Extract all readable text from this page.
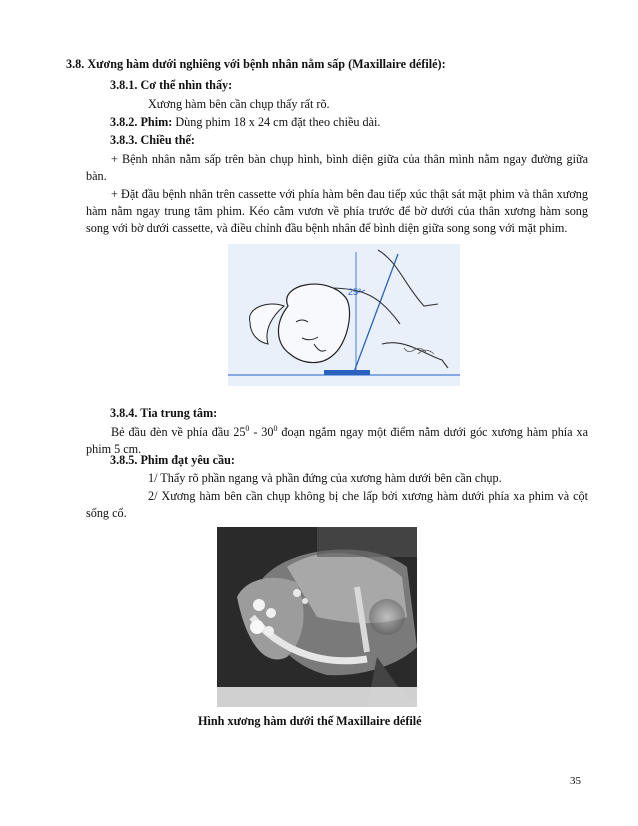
3.8. Xương hàm dưới nghiêng với bệnh nhân nằm sấp (Maxillaire défilé):
3.8.1. Cơ thể nhìn thấy:
Xương hàm bên cần chụp thấy rất rõ.
3.8.2. Phim: Dùng phim 18 x 24 cm đặt theo chiều dài.
3.8.3. Chiều thế:
+ Bệnh nhân nằm sấp trên bàn chụp hình, bình diện giữa của thân mình nằm ngay đường giữa bàn.
+ Đặt đầu bệnh nhân trên cassette với phía hàm bên đau tiếp xúc thật sát mặt phim và thân xương hàm nằm ngay trung tâm phim. Kéo cằm vươn về phía trước để bờ dưới của thân xương hàm song song với bờ dưới cassette, và điều chỉnh đầu bệnh nhân để bình diện giữa song song với mặt phim.
25°
3.8.4. Tia trung tâm:
Bẻ đầu đèn về phía đầu $25^0 - 30^0$ đoạn ngắm ngay một điểm nằm dưới góc xương hàm phía xa phim 5 cm.
3.8.5. Phim đạt yêu cầu:
1/ Thấy rõ phần ngang và phần đứng của xương hàm dưới bên cần chụp.
2/ Xương hàm bên cần chụp không bị che lấp bởi xương hàm dưới phía xa phim và cột sống cổ.
Hình xương hàm dưới thế Maxillaire défilé
35
